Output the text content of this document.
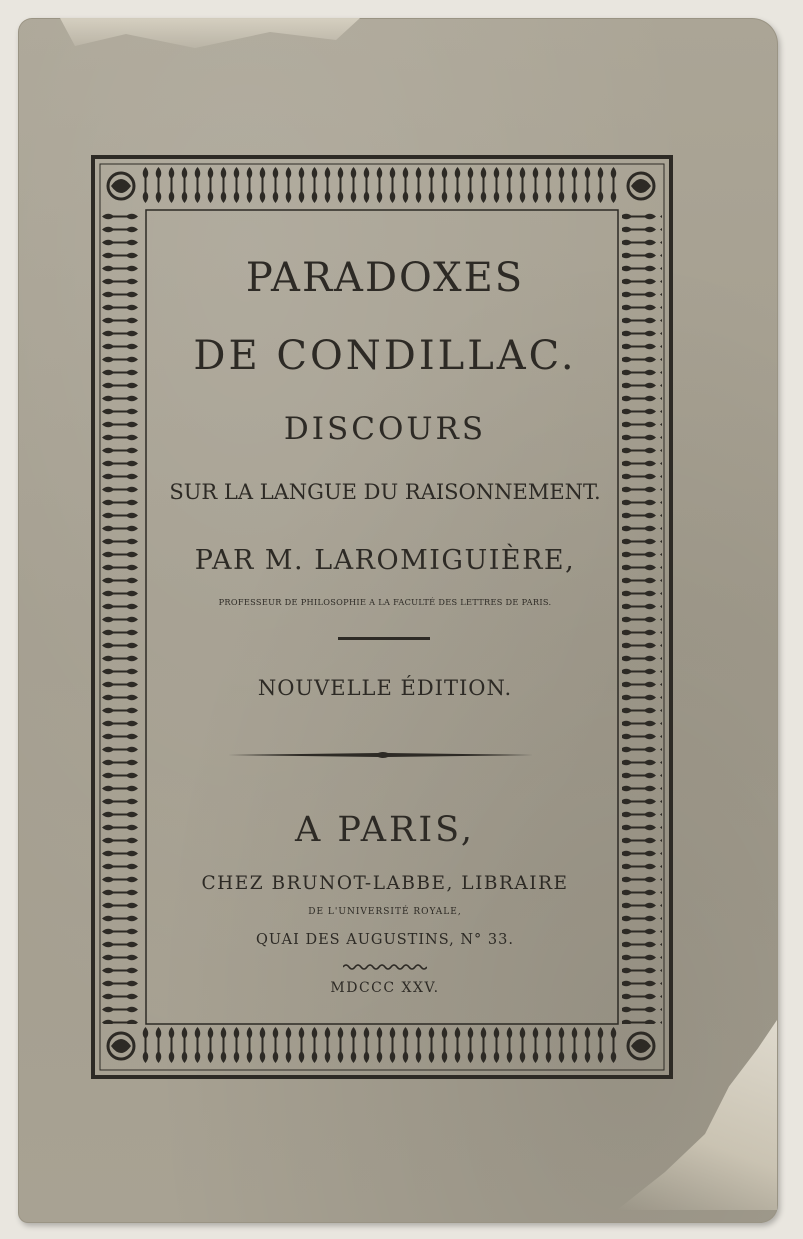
PARADOXES
DE CONDILLAC.
DISCOURS
SUR LA LANGUE DU RAISONNEMENT.
PAR M. LAROMIGUIÈRE,
PROFESSEUR DE PHILOSOPHIE A LA FACULTÉ DES LETTRES DE PARIS.
NOUVELLE ÉDITION.
A PARIS,
CHEZ BRUNOT-LABBE, LIBRAIRE
DE L'UNIVERSITÉ ROYALE,
QUAI DES AUGUSTINS, N° 33.
MDCCC XXV.
